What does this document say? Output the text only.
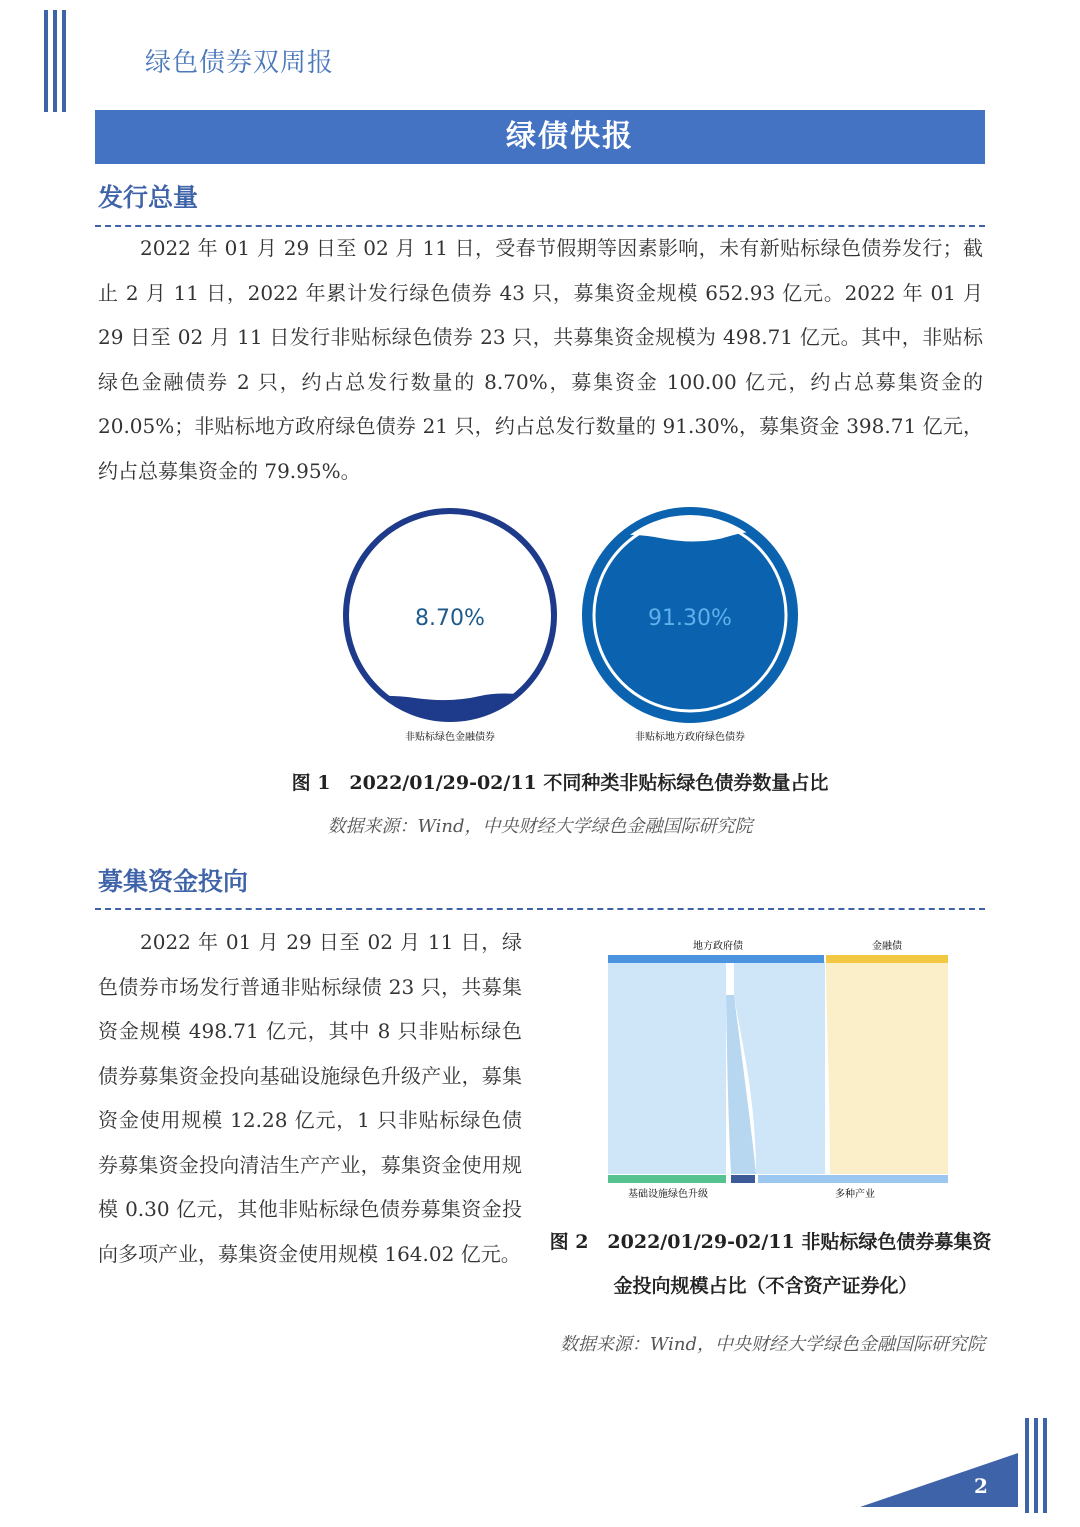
绿色债券双周报
绿债快报
发行总量
2022 年 01 月 29 日至 02 月 11 日，受春节假期等因素影响，未有新贴标绿色债券发行；截止 2 月 11 日，2022 年累计发行绿色债券 43 只，募集资金规模 652.93 亿元。2022 年 01 月 29 日至 02 月 11 日发行非贴标绿色债券 23 只，共募集资金规模为 498.71 亿元。其中，非贴标绿色金融债券 2 只，约占总发行数量的 8.70%，募集资金 100.00 亿元，约占总募集资金的 20.05%；非贴标地方政府绿色债券 21 只，约占总发行数量的 91.30%，募集资金 398.71 亿元，约占总募集资金的 79.95%。
8.70%
非贴标绿色金融债券
91.30%
非贴标地方政府绿色债券
图 1　2022/01/29-02/11 不同种类非贴标绿色债券数量占比
数据来源：Wind，中央财经大学绿色金融国际研究院
募集资金投向
2022 年 01 月 29 日至 02 月 11 日，绿色债券市场发行普通非贴标绿债 23 只，共募集资金规模 498.71 亿元，其中 8 只非贴标绿色债券募集资金投向基础设施绿色升级产业，募集资金使用规模 12.28 亿元，1 只非贴标绿色债券募集资金投向清洁生产产业，募集资金使用规模 0.30 亿元，其他非贴标绿色债券募集资金投向多项产业，募集资金使用规模 164.02 亿元。
地方政府债	金融债
基础设施绿色升级	多种产业
图 2　2022/01/29-02/11 非贴标绿色债券募集资
金投向规模占比（不含资产证券化）
数据来源：Wind，中央财经大学绿色金融国际研究院
2
